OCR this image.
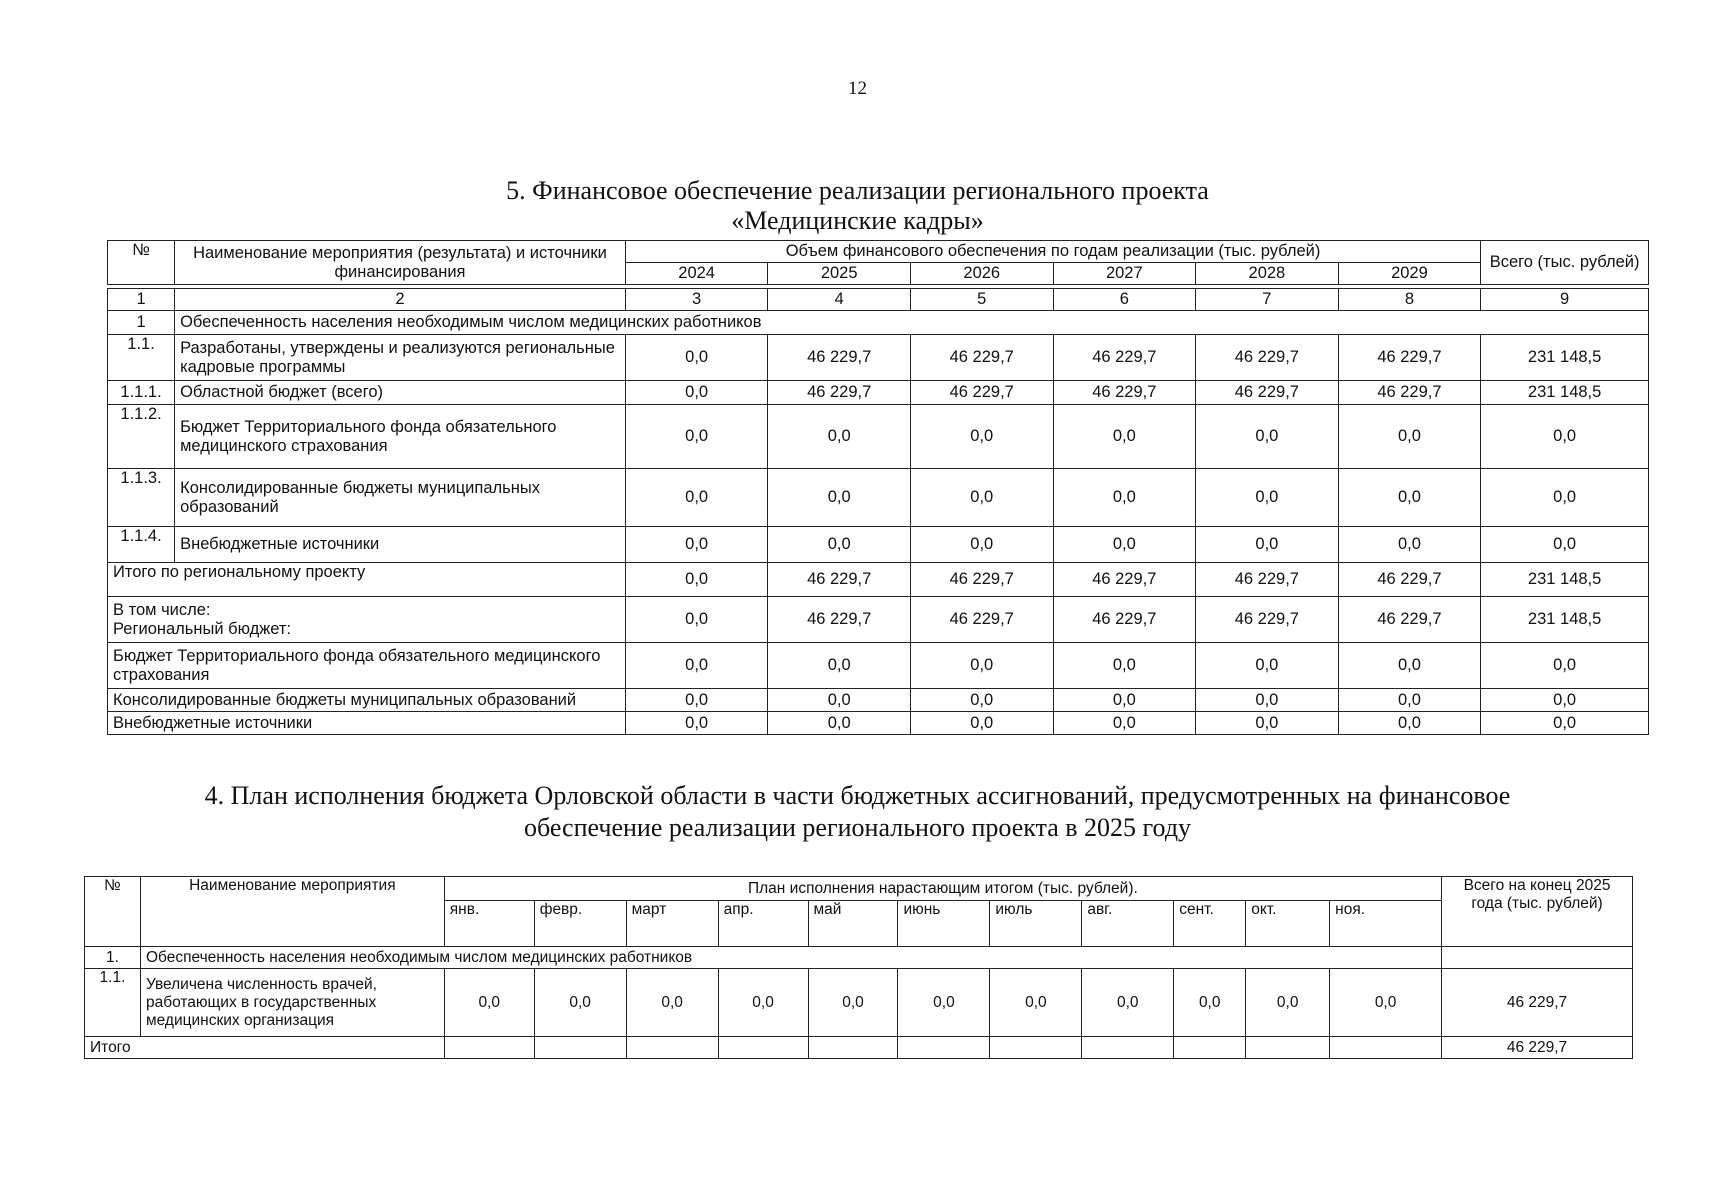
12
5. Финансовое обеспечение реализации регионального проекта
«Медицинские кадры»
№	Наименование мероприятия (результата) и источники финансирования	Объем финансового обеспечения по годам реализации (тыс. рублей)						Всего (тыс. рублей)
		2024	2025	2026	2027	2028	2029	

1	2	3	4	5	6	7	8	9
1	Обеспеченность населения необходимым числом медицинских работников							
1.1.	Разработаны, утверждены и реализуются региональные кадровые программы	0,0	46 229,7	46 229,7	46 229,7	46 229,7	46 229,7	231 148,5
1.1.1.	Областной бюджет (всего)	0,0	46 229,7	46 229,7	46 229,7	46 229,7	46 229,7	231 148,5
1.1.2.	Бюджет Территориального фонда обязательного медицинского страхования	0,0	0,0	0,0	0,0	0,0	0,0	0,0
1.1.3.	Консолидированные бюджеты муниципальных образований	0,0	0,0	0,0	0,0	0,0	0,0	0,0
1.1.4.	Внебюджетные источники	0,0	0,0	0,0	0,0	0,0	0,0	0,0
Итого по региональному проекту		0,0	46 229,7	46 229,7	46 229,7	46 229,7	46 229,7	231 148,5

В том числе:
Региональный бюджет:		0,0	46 229,7	46 229,7	46 229,7	46 229,7	46 229,7	231 148,5
Бюджет Территориального фонда обязательного медицинского страхования		0,0	0,0	0,0	0,0	0,0	0,0	0,0
Консолидированные бюджеты муниципальных образований		0,0	0,0	0,0	0,0	0,0	0,0	0,0
Внебюджетные источники		0,0	0,0	0,0	0,0	0,0	0,0	0,0
4. План исполнения бюджета Орловской области в части бюджетных ассигнований, предусмотренных на финансовое
обеспечение реализации регионального проекта в 2025 году
№	Наименование мероприятия	План исполнения нарастающим итогом (тыс. рублей).											Всего на конец 2025 года (тыс. рублей)
		янв.	февр.	март	апр.	май	июнь	июль	авг.	сент.	окт.	ноя.	
1.	Обеспеченность населения необходимым числом медицинских работников												
1.1.	Увеличена численность врачей, работающих в государственных медицинских организация	0,0	0,0	0,0	0,0	0,0	0,0	0,0	0,0	0,0	0,0	0,0	46 229,7
Итого													46 229,7
